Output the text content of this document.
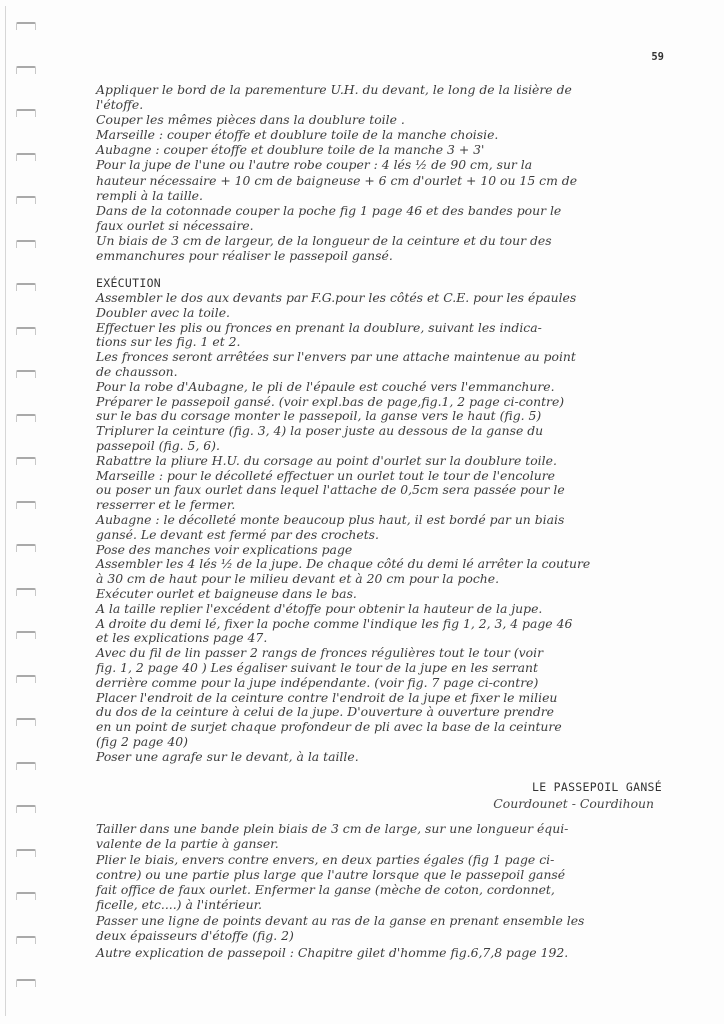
59
Appliquer le bord de la parementure U.H. du devant, le long de la lisière de
l'étoffe.
Couper les mêmes pièces dans la doublure toile .
Marseille : couper étoffe et doublure toile de la manche choisie.
Aubagne : couper étoffe et doublure toile de la manche 3 + 3'
Pour la jupe de l'une ou l'autre robe couper : 4 lés ½ de 90 cm, sur la
hauteur nécessaire + 10 cm de baigneuse + 6 cm d'ourlet + 10 ou 15 cm de
rempli à la taille.
Dans de la cotonnade couper la poche fig 1 page 46 et des bandes pour le
faux ourlet si nécessaire.
Un biais de 3 cm de largeur, de la longueur de la ceinture et du tour des
emmanchures pour réaliser le passepoil gansé.
EXÉCUTION
Assembler le dos aux devants par F.G.pour les côtés et C.E. pour les épaules
Doubler avec la toile.
Effectuer les plis ou fronces en prenant la doublure, suivant les indica-
tions sur les fig. 1 et 2.
Les fronces seront arrêtées sur l'envers par une attache maintenue au point
de chausson.
Pour la robe d'Aubagne, le pli de l'épaule est couché vers l'emmanchure.
Préparer le passepoil gansé. (voir expl.bas de page,fig.1, 2 page ci-contre)
sur le bas du corsage monter le passepoil, la ganse vers le haut (fig. 5)
Triplurer la ceinture (fig. 3, 4) la poser juste au dessous de la ganse du
passepoil (fig. 5, 6).
Rabattre la pliure H.U. du corsage au point d'ourlet sur la doublure toile.
Marseille : pour le décolleté effectuer un ourlet tout le tour de l'encolure
ou poser un faux ourlet dans lequel l'attache de 0,5cm sera passée pour le
resserrer et le fermer.
Aubagne : le décolleté monte beaucoup plus haut, il est bordé par un biais
gansé. Le devant est fermé par des crochets.
Pose des manches voir explications page
Assembler les 4 lés ½ de la jupe. De chaque côté du demi lé arrêter la couture
à 30 cm de haut pour le milieu devant et à 20 cm pour la poche.
Exécuter ourlet et baigneuse dans le bas.
A la taille replier l'excédent d'étoffe pour obtenir la hauteur de la jupe.
A droite du demi lé, fixer la poche comme l'indique les fig 1, 2, 3, 4 page 46
et les explications page 47.
Avec du fil de lin passer 2 rangs de fronces régulières tout le tour (voir
fig. 1, 2 page 40 ) Les égaliser suivant le tour de la jupe en les serrant
derrière comme pour la jupe indépendante. (voir fig. 7 page ci-contre)
Placer l'endroit de la ceinture contre l'endroit de la jupe et fixer le milieu
du dos de la ceinture à celui de la jupe. D'ouverture à ouverture prendre
en un point de surjet chaque profondeur de pli avec la base de la ceinture
(fig 2 page 40)
Poser une agrafe sur le devant, à la taille.
LE PASSEPOIL GANSÉ
Courdounet - Courdihoun
Tailler dans une bande plein biais de 3 cm de large, sur une longueur équi-
valente de la partie à ganser.
Plier le biais, envers contre envers, en deux parties égales (fig 1 page ci-
contre) ou une partie plus large que l'autre lorsque que le passepoil gansé
fait office de faux ourlet. Enfermer la ganse (mèche de coton, cordonnet,
ficelle, etc....) à l'intérieur.
Passer une ligne de points devant au ras de la ganse en prenant ensemble les
deux épaisseurs d'étoffe (fig. 2)
Autre explication de passepoil : Chapitre gilet d'homme fig.6,7,8 page 192.
